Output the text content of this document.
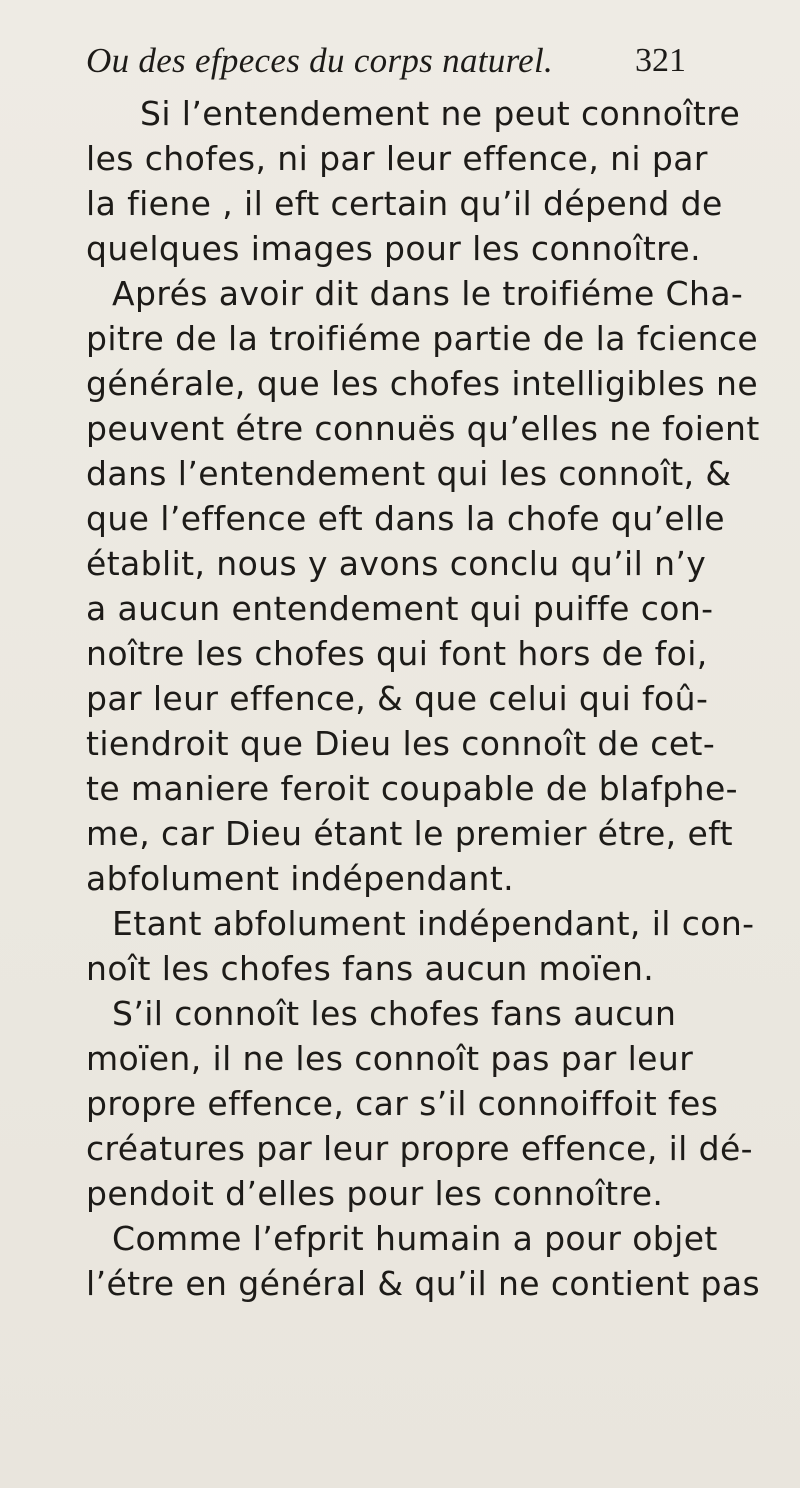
Ou des efpeces du corps naturel. 321
Si l’entendement ne peut connoître
les chofes, ni par leur effence, ni par
la fiene , il eft certain qu’il dépend de
quelques images pour les connoître.
Aprés avoir dit dans le troifiéme Cha-
pitre de la troifiéme partie de la fcience
générale, que les chofes intelligibles ne
peuvent étre connuës qu’elles ne foient
dans l’entendement qui les connoît, &
que l’effence eft dans la chofe qu’elle
établit, nous y avons conclu qu’il n’y
a aucun entendement qui puiffe con-
noître les chofes qui font hors de foi,
par leur effence, & que celui qui foû-
tiendroit que Dieu les connoît de cet-
te maniere feroit coupable de blafphe-
me, car Dieu étant le premier étre, eft
abfolument indépendant.
Etant abfolument indépendant, il con-
noît les chofes fans aucun moïen.
S’il connoît les chofes fans aucun
moïen, il ne les connoît pas par leur
propre effence, car s’il connoiffoit fes
créatures par leur propre effence, il dé-
pendoit d’elles pour les connoître.
Comme l’efprit humain a pour objet
l’étre en général & qu’il ne contient pas
